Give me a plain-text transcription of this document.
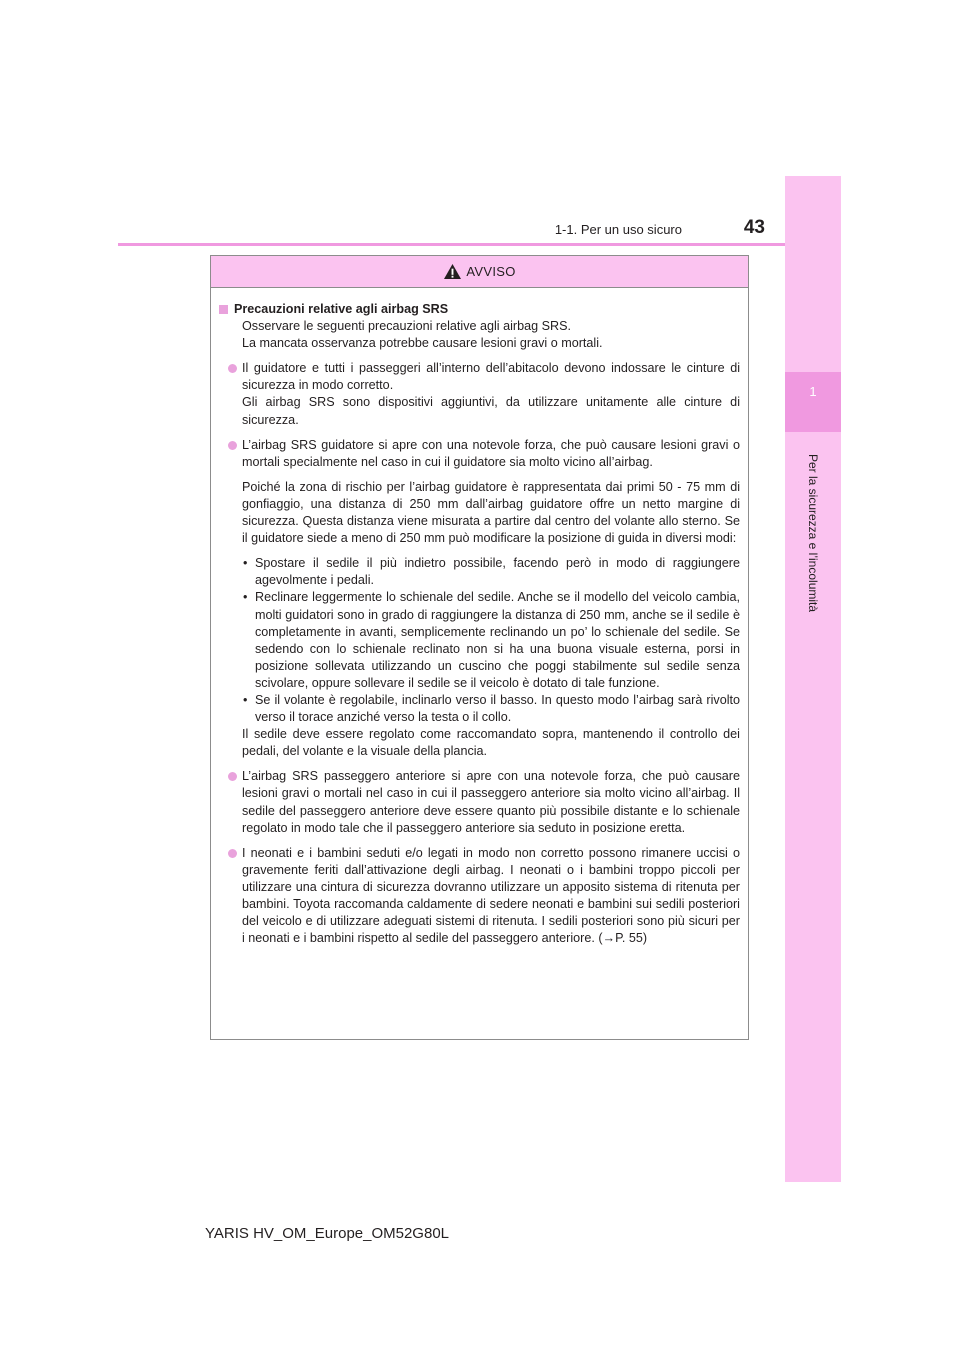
1
Per la sicurezza e l’incolumità
1-1. Per un uso sicuro	43
AVVISO
Precauzioni relative agli airbag SRS

Osservare le seguenti precauzioni relative agli airbag SRS.

La mancata osservanza potrebbe causare lesioni gravi o mortali.

Il guidatore e tutti i passeggeri all’interno dell’abitacolo devono indossare le cinture di sicurezza in modo corretto.

Gli airbag SRS sono dispositivi aggiuntivi, da utilizzare unitamente alle cinture di sicurezza.

L’airbag SRS guidatore si apre con una notevole forza, che può causare lesioni gravi o mortali specialmente nel caso in cui il guidatore sia molto vicino all’airbag.

Poiché la zona di rischio per l’airbag guidatore è rappresentata dai primi 50 - 75 mm di gonfiaggio, una distanza di 250 mm dall’airbag guidatore offre un netto margine di sicurezza. Questa distanza viene misurata a partire dal centro del volante allo sterno. Se il guidatore siede a meno di 250 mm può modificare la posizione di guida in diversi modi:

• Spostare il sedile il più indietro possibile, facendo però in modo di raggiungere agevolmente i pedali.
• Reclinare leggermente lo schienale del sedile. Anche se il modello del veicolo cambia, molti guidatori sono in grado di raggiungere la distanza di 250 mm, anche se il sedile è completamente in avanti, semplicemente reclinando un po’ lo schienale del sedile. Se sedendo con lo schienale reclinato non si ha una buona visuale esterna, porsi in posizione sollevata utilizzando un cuscino che poggi stabilmente sul sedile senza scivolare, oppure sollevare il sedile se il veicolo è dotato di tale funzione.
• Se il volante è regolabile, inclinarlo verso il basso. In questo modo l’airbag sarà rivolto verso il torace anziché verso la testa o il collo.

Il sedile deve essere regolato come raccomandato sopra, mantenendo il controllo dei pedali, del volante e la visuale della plancia.

L’airbag SRS passeggero anteriore si apre con una notevole forza, che può causare lesioni gravi o mortali nel caso in cui il passeggero anteriore sia molto vicino all’airbag. Il sedile del passeggero anteriore deve essere quanto più possibile distante e lo schienale regolato in modo tale che il passeggero anteriore sia seduto in posizione eretta.

I neonati e i bambini seduti e/o legati in modo non corretto possono rimanere uccisi o gravemente feriti dall’attivazione degli airbag. I neonati o i bambini troppo piccoli per utilizzare una cintura di sicurezza dovranno utilizzare un apposito sistema di ritenuta per bambini. Toyota raccomanda caldamente di sedere neonati e bambini sui sedili posteriori del veicolo e di utilizzare adeguati sistemi di ritenuta. I sedili posteriori sono più sicuri per i neonati e i bambini rispetto al sedile del passeggero anteriore. (→P. 55)

YARIS HV_OM_Europe_OM52G80L
